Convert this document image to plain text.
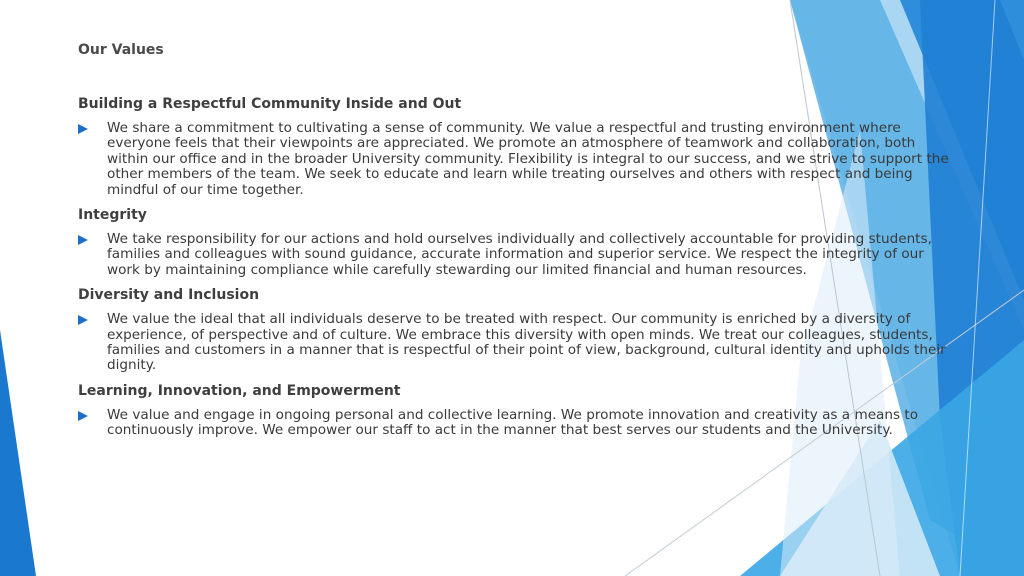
Our Values
Building a Respectful Community Inside and Out
We share a commitment to cultivating a sense of community. We value a respectful and trusting environment where everyone feels that their viewpoints are appreciated. We promote an atmosphere of teamwork and collaboration, both within our office and in the broader University community. Flexibility is integral to our success, and we strive to support the other members of the team. We seek to educate and learn while treating ourselves and others with respect and being mindful of our time together.
Integrity
We take responsibility for our actions and hold ourselves individually and collectively accountable for providing students, families and colleagues with sound guidance, accurate information and superior service. We respect the integrity of our work by maintaining compliance while carefully stewarding our limited financial and human resources.
Diversity and Inclusion
We value the ideal that all individuals deserve to be treated with respect. Our community is enriched by a diversity of experience, of perspective and of culture. We embrace this diversity with open minds. We treat our colleagues, students, families and customers in a manner that is respectful of their point of view, background, cultural identity and upholds their dignity.
Learning, Innovation, and Empowerment
We value and engage in ongoing personal and collective learning. We promote innovation and creativity as a means to continuously improve. We empower our staff to act in the manner that best serves our students and the University.
